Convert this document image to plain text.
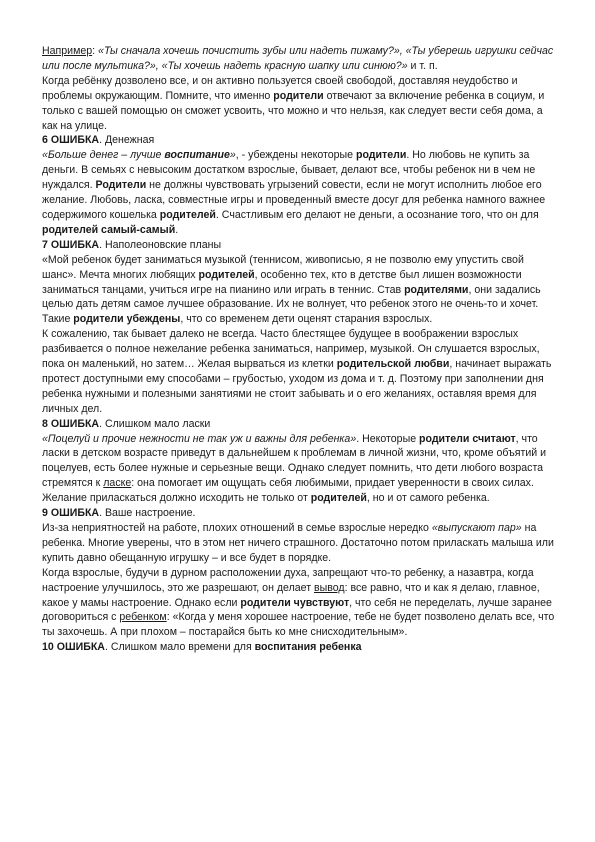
Например: «Ты сначала хочешь почистить зубы или надеть пижаму?», «Ты уберешь игрушки сейчас или после мультика?», «Ты хочешь надеть красную шапку или синюю?» и т. п.

Когда ребёнку дозволено все, и он активно пользуется своей свободой, доставляя неудобство и проблемы окружающим. Помните, что именно родители отвечают за включение ребенка в социум, и только с вашей помощью он сможет усвоить, что можно и что нельзя, как следует вести себя дома, а как на улице.

6 ОШИБКА. Денежная

«Больше денег – лучше воспитание», - убеждены некоторые родители. Но любовь не купить за деньги. В семьях с невысоким достатком взрослые, бывает, делают все, чтобы ребенок ни в чем не нуждался. Родители не должны чувствовать угрызений совести, если не могут исполнить любое его желание. Любовь, ласка, совместные игры и проведенный вместе досуг для ребенка намного важнее содержимого кошелька родителей. Счастливым его делают не деньги, а осознание того, что он для родителей самый-самый.

7 ОШИБКА. Наполеоновские планы

«Мой ребенок будет заниматься музыкой (теннисом, живописью, я не позволю ему упустить свой шанс». Мечта многих любящих родителей, особенно тех, кто в детстве был лишен возможности заниматься танцами, учиться игре на пианино или играть в теннис. Став родителями, они задались целью дать детям самое лучшее образование. Их не волнует, что ребенок этого не очень-то и хочет. Такие родители убеждены, что со временем дети оценят старания взрослых.

К сожалению, так бывает далеко не всегда. Часто блестящее будущее в воображении взрослых разбивается о полное нежелание ребенка заниматься, например, музыкой. Он слушается взрослых, пока он маленький, но затем… Желая вырваться из клетки родительской любви, начинает выражать протест доступными ему способами – грубостью, уходом из дома и т. д. Поэтому при заполнении дня ребенка нужными и полезными занятиями не стоит забывать и о его желаниях, оставляя время для личных дел.

8 ОШИБКА. Слишком мало ласки

«Поцелуй и прочие нежности не так уж и важны для ребенка». Некоторые родители считают, что ласки в детском возрасте приведут в дальнейшем к проблемам в личной жизни, что, кроме объятий и поцелуев, есть более нужные и серьезные вещи. Однако следует помнить, что дети любого возраста стремятся к ласке: она помогает им ощущать себя любимыми, придает уверенности в своих силах. Желание приласкаться должно исходить не только от родителей, но и от самого ребенка.

9 ОШИБКА. Ваше настроение.

Из-за неприятностей на работе, плохих отношений в семье взрослые нередко «выпускают пар» на ребенка. Многие уверены, что в этом нет ничего страшного. Достаточно потом приласкать малыша или купить давно обещанную игрушку – и все будет в порядке.

Когда взрослые, будучи в дурном расположении духа, запрещают что-то ребенку, а назавтра, когда настроение улучшилось, это же разрешают, он делает вывод: все равно, что и как я делаю, главное, какое у мамы настроение. Однако если родители чувствуют, что себя не переделать, лучше заранее договориться с ребенком: «Когда у меня хорошее настроение, тебе не будет позволено делать все, что ты захочешь. А при плохом – постарайся быть ко мне снисходительным».

10 ОШИБКА. Слишком мало времени для воспитания ребенка
